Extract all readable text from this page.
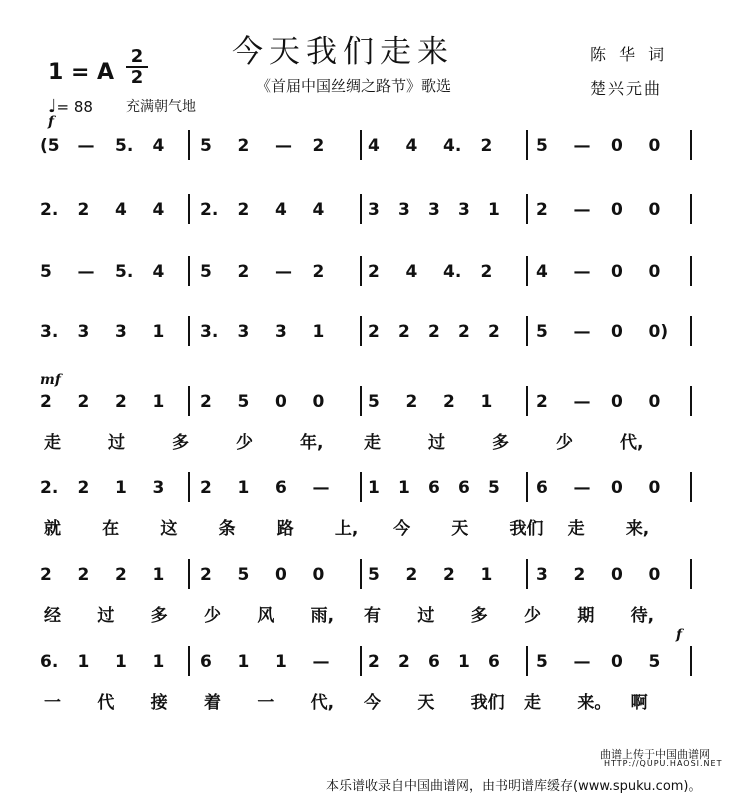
今天我们走来
《首届中国丝绸之路节》歌选
陈 华 词
楚兴元曲
1 = A
2
2
♩= 88 充满朝气地
f
mf
f
(5	—	5.	4	5	2	—	2	4	4	4.	2	5	—	0	0
2.	2	4	4	2.	2	4	4	3	3	3	3	1	2	—	0	0
5	—	5.	4	5	2	—	2	2	4	4.	2	4	—	0	0
3.	3	3	1	3.	3	3	1	2	2	2	2	2	5	—	0	0)
2	2	2	1	2	5	0	0	5	2	2	1	2	—	0	0
走	过	多	少	年, 走	过	多	少	代,
2.	2	1	3	2	1	6	—	1	1	6	6	5	6	—	0	0
就 在 这 条 路 上, 今 天 我们 走 来,
2	2	2	1	2	5	0	0	5	2	2	1	3	2	0	0
经 过 多 少 风 雨, 有 过 多 少 期 待,
6.	1	1	1	6	1	1	—	2	2	6	1	6	5	—	0	5
一 代 接 着 一 代, 今 天 我们 走 来。 啊
曲谱上传于中国曲谱网
HTTP://QUPU.HAOSI.NET
本乐谱收录自中国曲谱网，由书明谱库缓存(www.spuku.com)。
